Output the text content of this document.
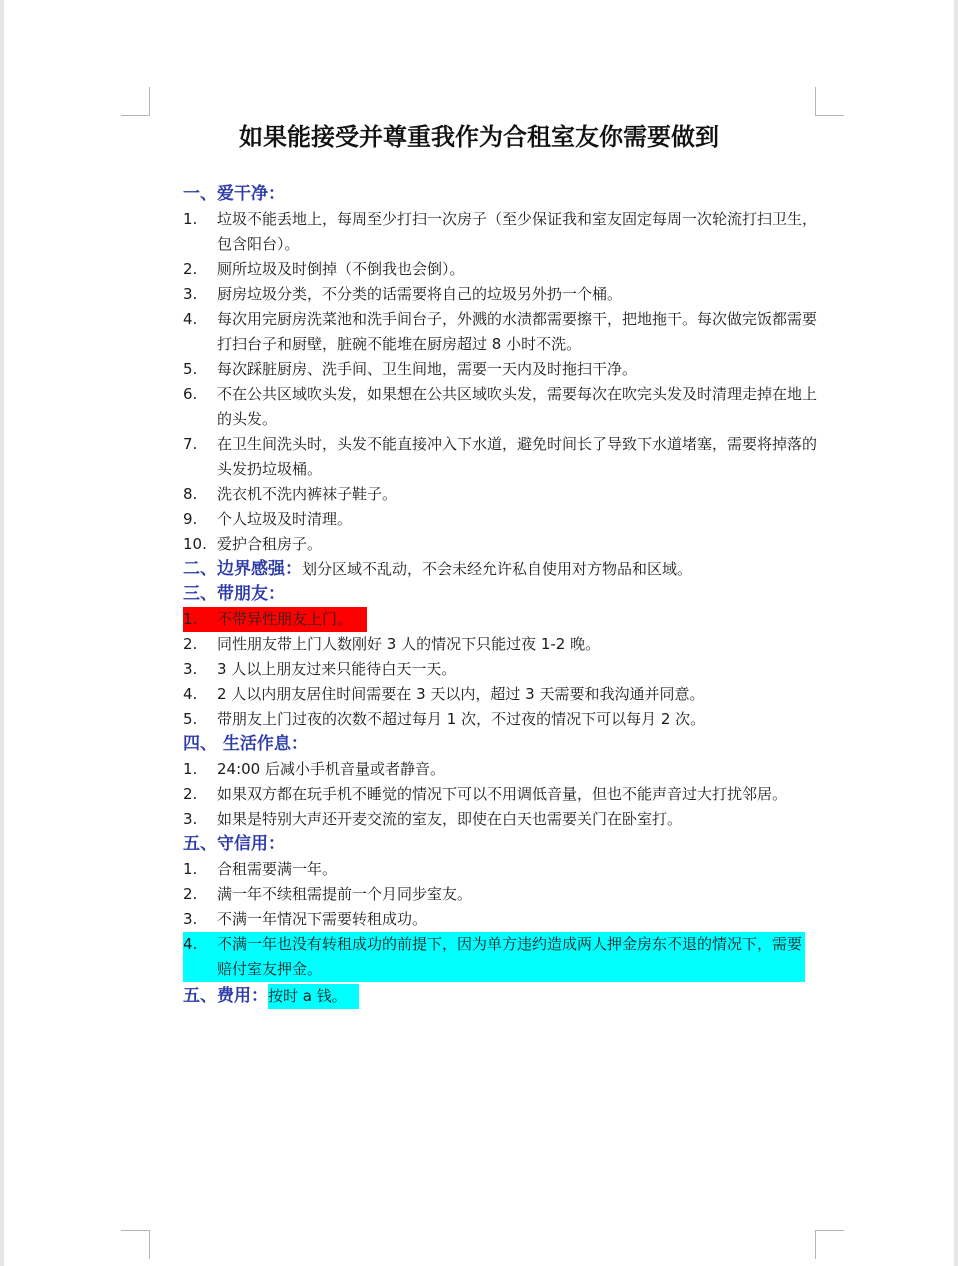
如果能接受并尊重我作为合租室友你需要做到
一、爱干净：
1.	垃圾不能丢地上，每周至少打扫一次房子（至少保证我和室友固定每周一次轮流打扫卫生，包含阳台）。
2.	厕所垃圾及时倒掉（不倒我也会倒）。
3.	厨房垃圾分类，不分类的话需要将自己的垃圾另外扔一个桶。
4.	每次用完厨房洗菜池和洗手间台子，外溅的水渍都需要擦干，把地拖干。每次做完饭都需要打扫台子和厨壁，脏碗不能堆在厨房超过 8 小时不洗。
5.	每次踩脏厨房、洗手间、卫生间地，需要一天内及时拖扫干净。
6.	不在公共区域吹头发，如果想在公共区域吹头发，需要每次在吹完头发及时清理走掉在地上的头发。
7.	在卫生间洗头时，头发不能直接冲入下水道，避免时间长了导致下水道堵塞，需要将掉落的头发扔垃圾桶。
8.	洗衣机不洗内裤袜子鞋子。
9.	个人垃圾及时清理。
10. 爱护合租房子。
二、边界感强：划分区域不乱动，不会未经允许私自使用对方物品和区域。
三、带朋友：
1.	不带异性朋友上门。
2.	同性朋友带上门人数刚好 3 人的情况下只能过夜 1-2 晚。
3.	3 人以上朋友过来只能待白天一天。
4.	2 人以内朋友居住时间需要在 3 天以内，超过 3 天需要和我沟通并同意。
5.	带朋友上门过夜的次数不超过每月 1 次，不过夜的情况下可以每月 2 次。
四、 生活作息：
1.	24:00 后减小手机音量或者静音。
2.	如果双方都在玩手机不睡觉的情况下可以不用调低音量，但也不能声音过大打扰邻居。
3.	如果是特别大声还开麦交流的室友，即使在白天也需要关门在卧室打。
五、守信用：
1.	合租需要满一年。
2.	满一年不续租需提前一个月同步室友。
3.	不满一年情况下需要转租成功。
4.	不满一年也没有转租成功的前提下，因为单方违约造成两人押金房东不退的情况下，需要赔付室友押金。
五、费用：按时 a 钱。
